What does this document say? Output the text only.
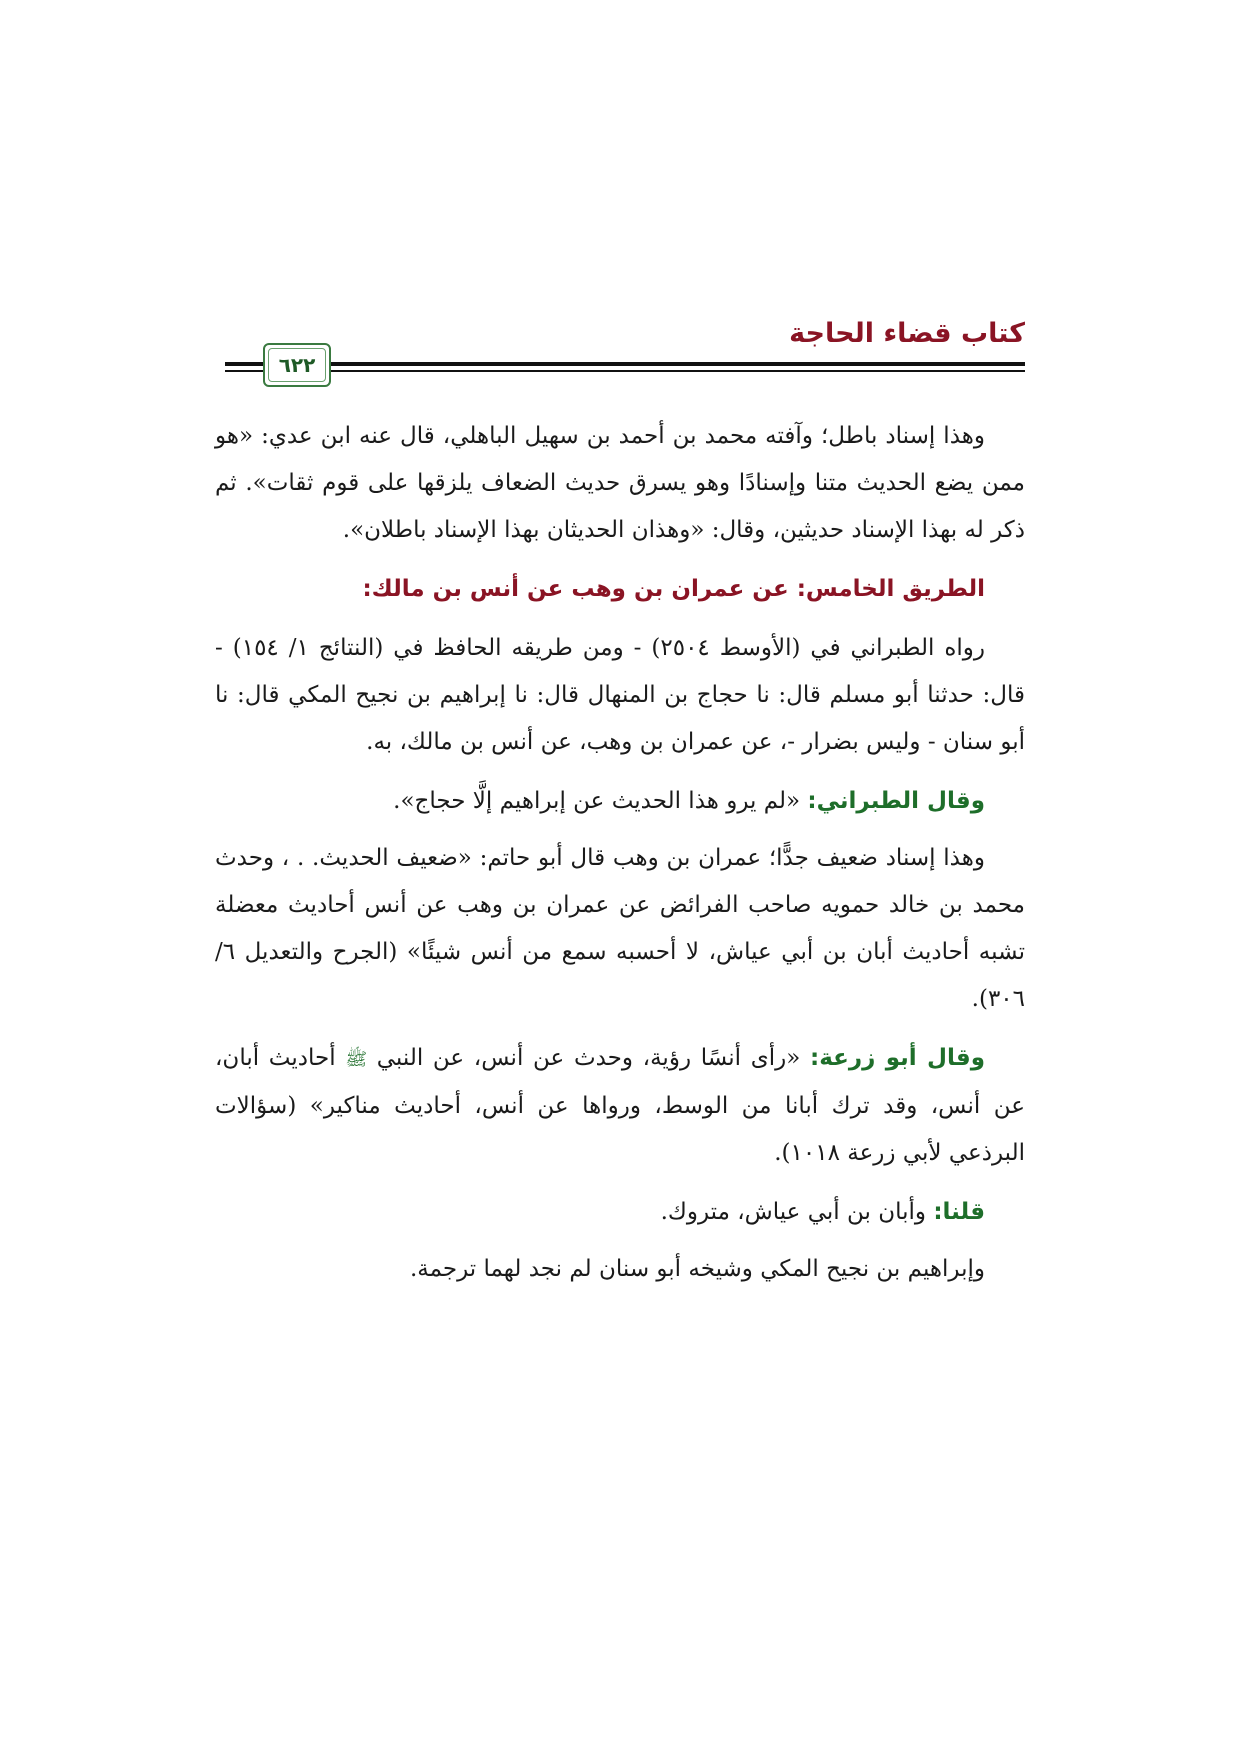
كتاب قضاء الحاجة
٦٢٢

وهذا إسناد باطل؛ وآفته محمد بن أحمد بن سهيل الباهلي، قال عنه ابن عدي: «هو ممن يضع الحديث متنا وإسنادًا وهو يسرق حديث الضعاف يلزقها على قوم ثقات». ثم ذكر له بهذا الإسناد حديثين، وقال: «وهذان الحديثان بهذا الإسناد باطلان».

الطريق الخامس: عن عمران بن وهب عن أنس بن مالك:

رواه الطبراني في (الأوسط ٢٥٠٤) - ومن طريقه الحافظ في (النتائج ١/ ١٥٤) - قال: حدثنا أبو مسلم قال: نا حجاج بن المنهال قال: نا إبراهيم بن نجيح المكي قال: نا أبو سنان - وليس بضرار -، عن عمران بن وهب، عن أنس بن مالك، به.

وقال الطبراني: «لم يرو هذا الحديث عن إبراهيم إلَّا حجاج».

وهذا إسناد ضعيف جدًّا؛ عمران بن وهب قال أبو حاتم: «ضعيف الحديث. . ، وحدث محمد بن خالد حمويه صاحب الفرائض عن عمران بن وهب عن أنس أحاديث معضلة تشبه أحاديث أبان بن أبي عياش، لا أحسبه سمع من أنس شيئًا» (الجرح والتعديل ٦/ ٣٠٦).

وقال أبو زرعة: «رأى أنسًا رؤية، وحدث عن أنس، عن النبي ﷺ أحاديث أبان، عن أنس، وقد ترك أبانا من الوسط، ورواها عن أنس، أحاديث مناكير» (سؤالات البرذعي لأبي زرعة ١٠١٨).

قلنا: وأبان بن أبي عياش، متروك.

وإبراهيم بن نجيح المكي وشيخه أبو سنان لم نجد لهما ترجمة.
